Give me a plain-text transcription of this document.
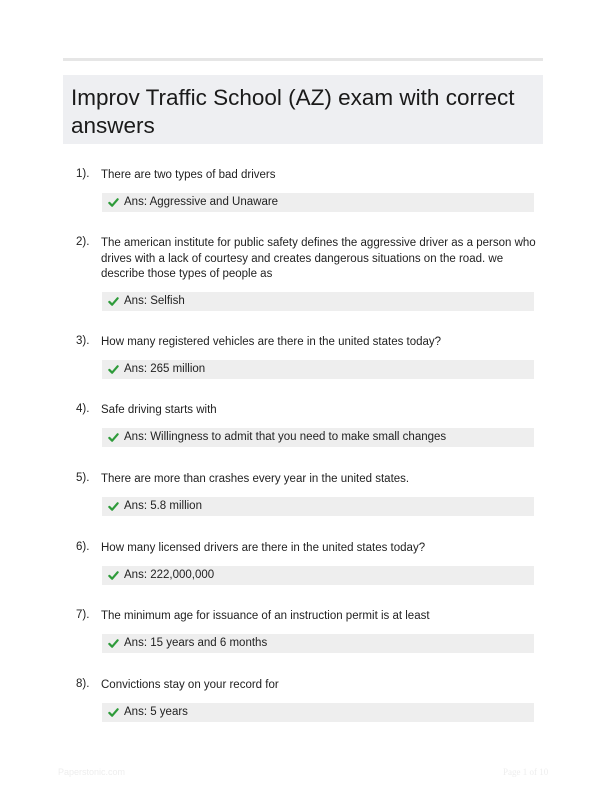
Improv Traffic School (AZ) exam with correct answers
1). There are two types of bad drivers
Ans: Aggressive and Unaware
2). The american institute for public safety defines the aggressive driver as a person who drives with a lack of courtesy and creates dangerous situations on the road. we describe those types of people as
Ans: Selfish
3). How many registered vehicles are there in the united states today?
Ans: 265 million
4). Safe driving starts with
Ans: Willingness to admit that you need to make small changes
5). There are more than crashes every year in the united states.
Ans: 5.8 million
6). How many licensed drivers are there in the united states today?
Ans: 222,000,000
7). The minimum age for issuance of an instruction permit is at least
Ans: 15 years and 6 months
8). Convictions stay on your record for
Ans: 5 years
Paperstonic.com	Page 1 of 10
